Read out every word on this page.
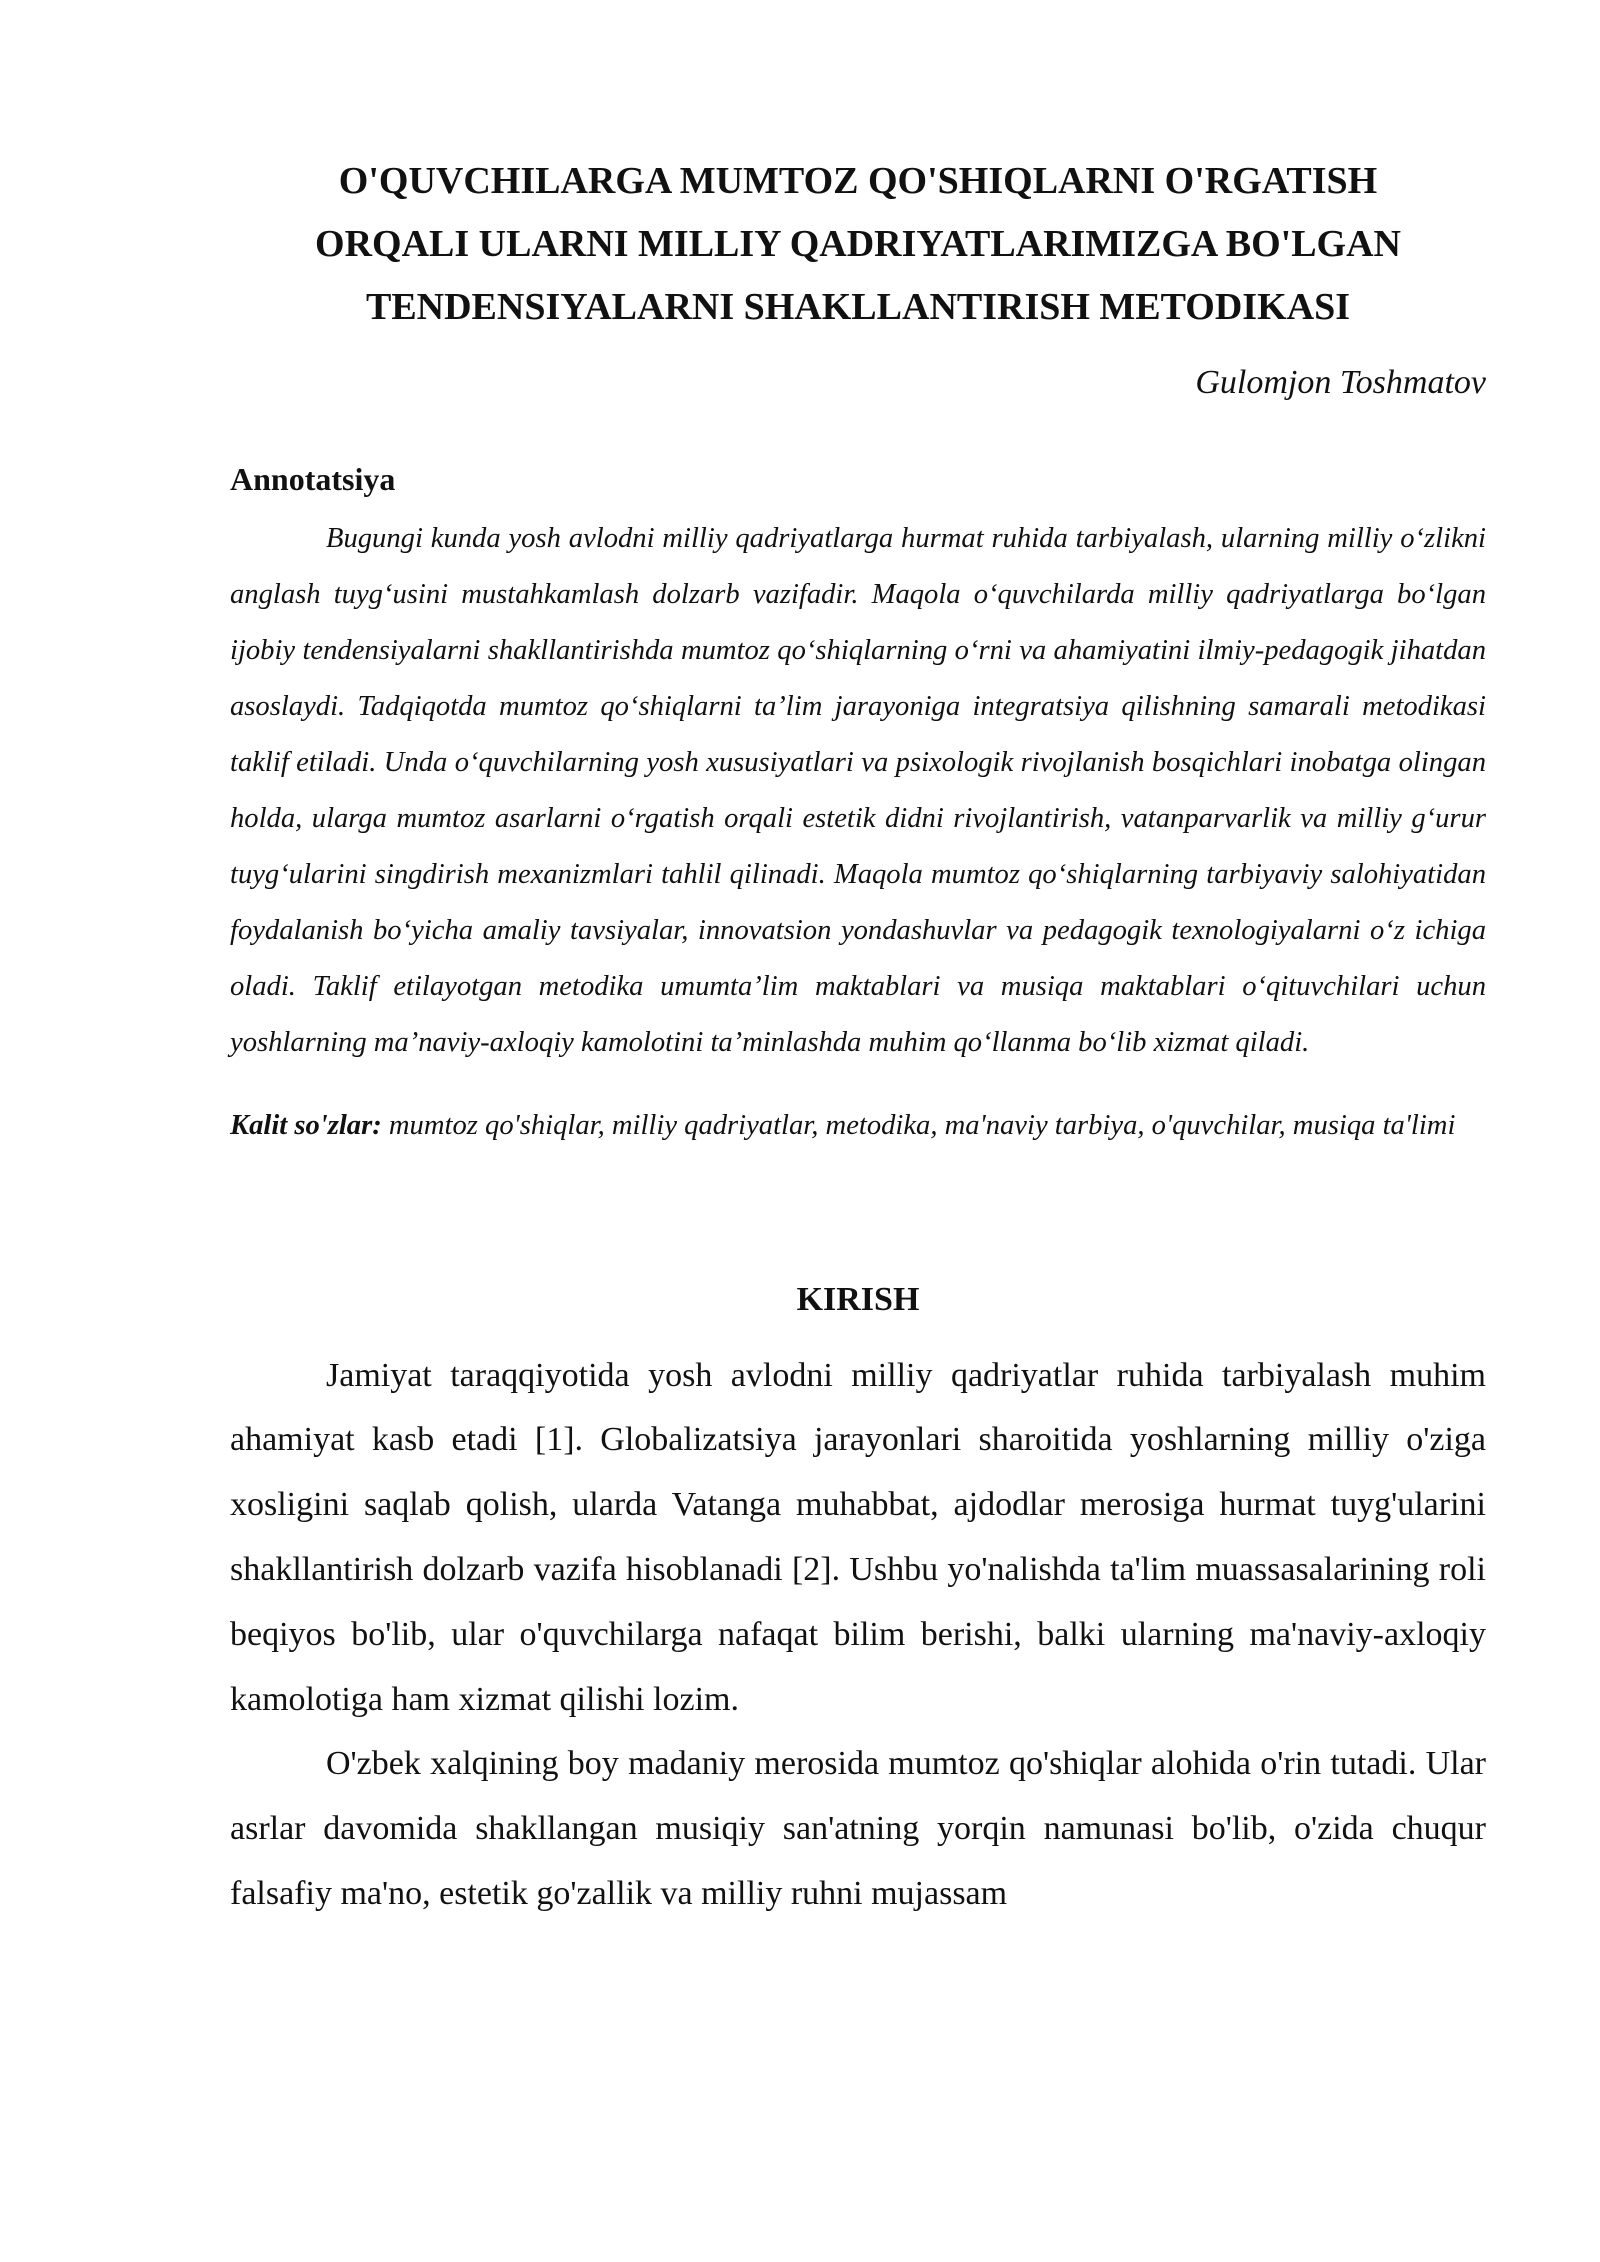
O'QUVCHILARGA MUMTOZ QO'SHIQLARNI O'RGATISH
ORQALI ULARNI MILLIY QADRIYATLARIMIZGA BO'LGAN
TENDENSIYALARNI SHAKLLANTIRISH METODIKASI
Gulomjon Toshmatov
Annotatsiya

Bugungi kunda yosh avlodni milliy qadriyatlarga hurmat ruhida tarbiyalash, ularning milliy o‘zlikni anglash tuyg‘usini mustahkamlash dolzarb vazifadir. Maqola o‘quvchilarda milliy qadriyatlarga bo‘lgan ijobiy tendensiyalarni shakllantirishda mumtoz qo‘shiqlarning o‘rni va ahamiyatini ilmiy-pedagogik jihatdan asoslaydi. Tadqiqotda mumtoz qo‘shiqlarni ta’lim jarayoniga integratsiya qilishning samarali metodikasi taklif etiladi. Unda o‘quvchilarning yosh xususiyatlari va psixologik rivojlanish bosqichlari inobatga olingan holda, ularga mumtoz asarlarni o‘rgatish orqali estetik didni rivojlantirish, vatanparvarlik va milliy g‘urur tuyg‘ularini singdirish mexanizmlari tahlil qilinadi. Maqola mumtoz qo‘shiqlarning tarbiyaviy salohiyatidan foydalanish bo‘yicha amaliy tavsiyalar, innovatsion yondashuvlar va pedagogik texnologiyalarni o‘z ichiga oladi. Taklif etilayotgan metodika umumta’lim maktablari va musiqa maktablari o‘qituvchilari uchun yoshlarning ma’naviy-axloqiy kamolotini ta’minlashda muhim qo‘llanma bo‘lib xizmat qiladi.

Kalit so'zlar: mumtoz qo'shiqlar, milliy qadriyatlar, metodika, ma'naviy tarbiya, o'quvchilar, musiqa ta'limi
KIRISH

Jamiyat taraqqiyotida yosh avlodni milliy qadriyatlar ruhida tarbiyalash muhim ahamiyat kasb etadi [1]. Globalizatsiya jarayonlari sharoitida yoshlarning milliy o'ziga xosligini saqlab qolish, ularda Vatanga muhabbat, ajdodlar merosiga hurmat tuyg'ularini shakllantirish dolzarb vazifa hisoblanadi [2]. Ushbu yo'nalishda ta'lim muassasalarining roli beqiyos bo'lib, ular o'quvchilarga nafaqat bilim berishi, balki ularning ma'naviy-axloqiy kamolotiga ham xizmat qilishi lozim.

O'zbek xalqining boy madaniy merosida mumtoz qo'shiqlar alohida o'rin tutadi. Ular asrlar davomida shakllangan musiqiy san'atning yorqin namunasi bo'lib, o'zida chuqur falsafiy ma'no, estetik go'zallik va milliy ruhni mujassam
